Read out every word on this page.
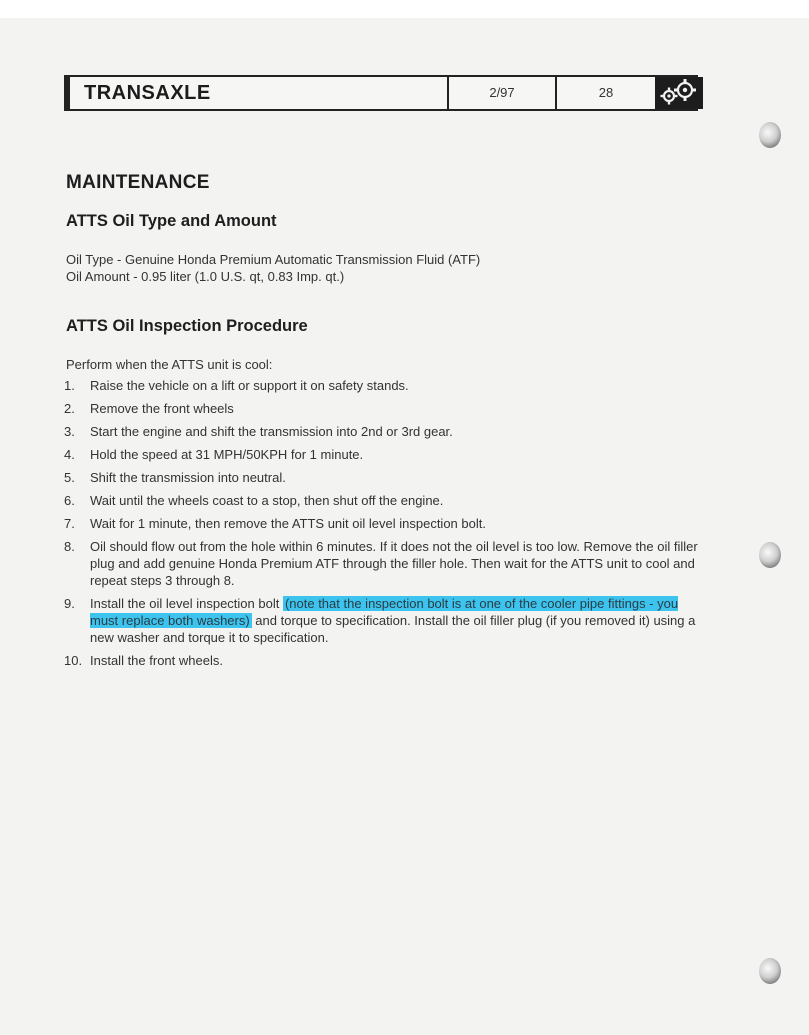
TRANSAXLE	2/97	28
MAINTENANCE
ATTS Oil Type and Amount
Oil Type - Genuine Honda Premium Automatic Transmission Fluid (ATF)
Oil Amount - 0.95 liter (1.0 U.S. qt, 0.83 Imp. qt.)
ATTS Oil Inspection Procedure
Perform when the ATTS unit is cool:
1.	Raise the vehicle on a lift or support it on safety stands.
2.	Remove the front wheels
3.	Start the engine and shift the transmission into 2nd or 3rd gear.
4.	Hold the speed at 31 MPH/50KPH for 1 minute.
5.	Shift the transmission into neutral.
6.	Wait until the wheels coast to a stop, then shut off the engine.
7.	Wait for 1 minute, then remove the ATTS unit oil level inspection bolt.
8.	Oil should flow out from the hole within 6 minutes. If it does not the oil level is too low. Remove the oil filler plug and add genuine Honda Premium ATF through the filler hole. Then wait for the ATTS unit to cool and repeat steps 3 through 8.
9.	Install the oil level inspection bolt (note that the inspection bolt is at one of the cooler pipe fittings - you must replace both washers) and torque to specification. Install the oil filler plug (if you removed it) using a new washer and torque it to specification.
10. Install the front wheels.
